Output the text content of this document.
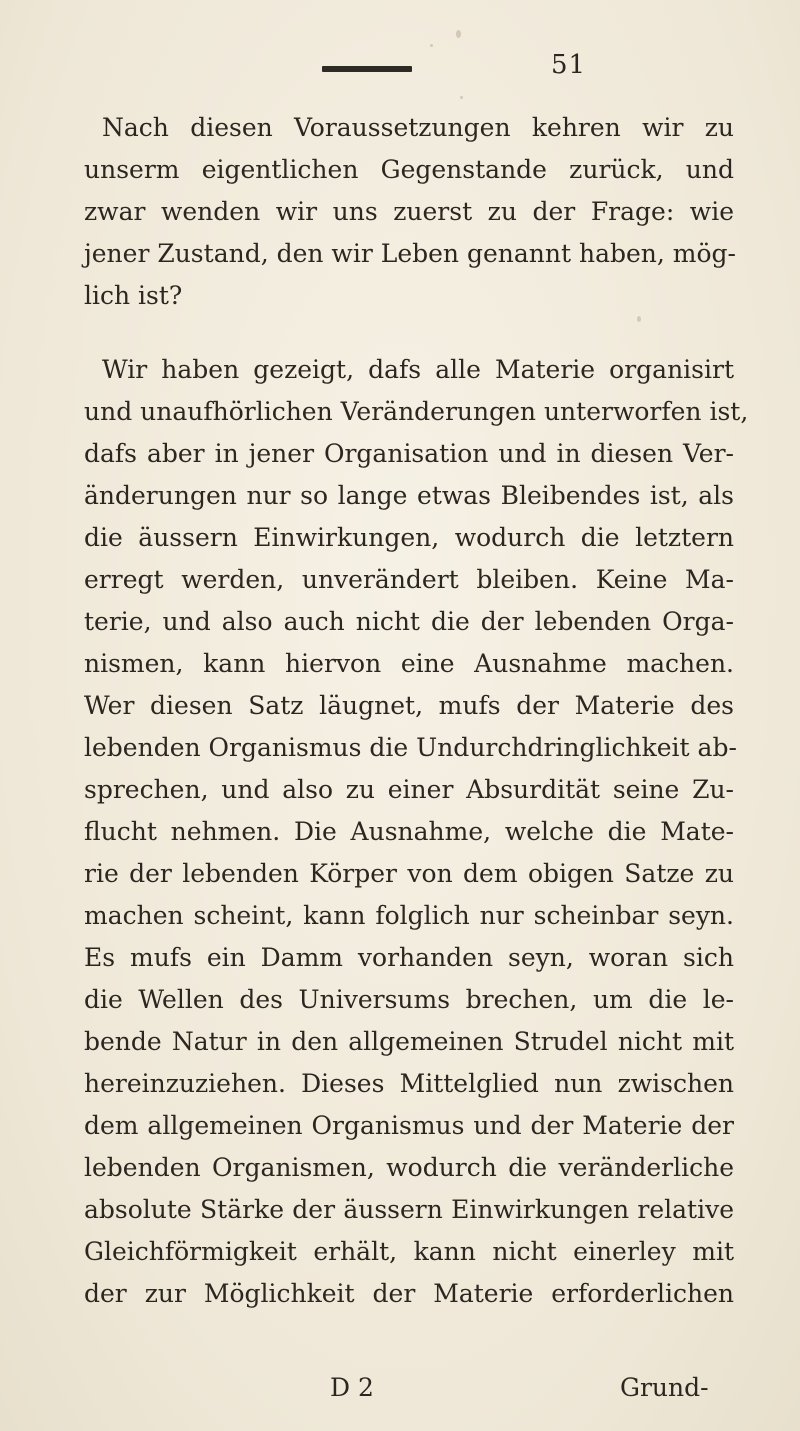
51
Nach diesen Voraussetzungen kehren wir zu
unserm eigentlichen Gegenstande zurück, und
zwar wenden wir uns zuerst zu der Frage: wie
jener Zustand, den wir Leben genannt haben, mög-
lich ist?
Wir haben gezeigt, dafs alle Materie organisirt
und unaufhörlichen Veränderungen unterworfen ist,
dafs aber in jener Organisation und in diesen Ver-
änderungen nur so lange etwas Bleibendes ist, als
die äussern Einwirkungen, wodurch die letztern
erregt werden, unverändert bleiben. Keine Ma-
terie, und also auch nicht die der lebenden Orga-
nismen, kann hiervon eine Ausnahme machen.
Wer diesen Satz läugnet, mufs der Materie des
lebenden Organismus die Undurchdringlichkeit ab-
sprechen, und also zu einer Absurdität seine Zu-
flucht nehmen. Die Ausnahme, welche die Mate-
rie der lebenden Körper von dem obigen Satze zu
machen scheint, kann folglich nur scheinbar seyn.
Es mufs ein Damm vorhanden seyn, woran sich
die Wellen des Universums brechen, um die le-
bende Natur in den allgemeinen Strudel nicht mit
hereinzuziehen. Dieses Mittelglied nun zwischen
dem allgemeinen Organismus und der Materie der
lebenden Organismen, wodurch die veränderliche
absolute Stärke der äussern Einwirkungen relative
Gleichförmigkeit erhält, kann nicht einerley mit
der zur Möglichkeit der Materie erforderlichen
D 2	Grund-
